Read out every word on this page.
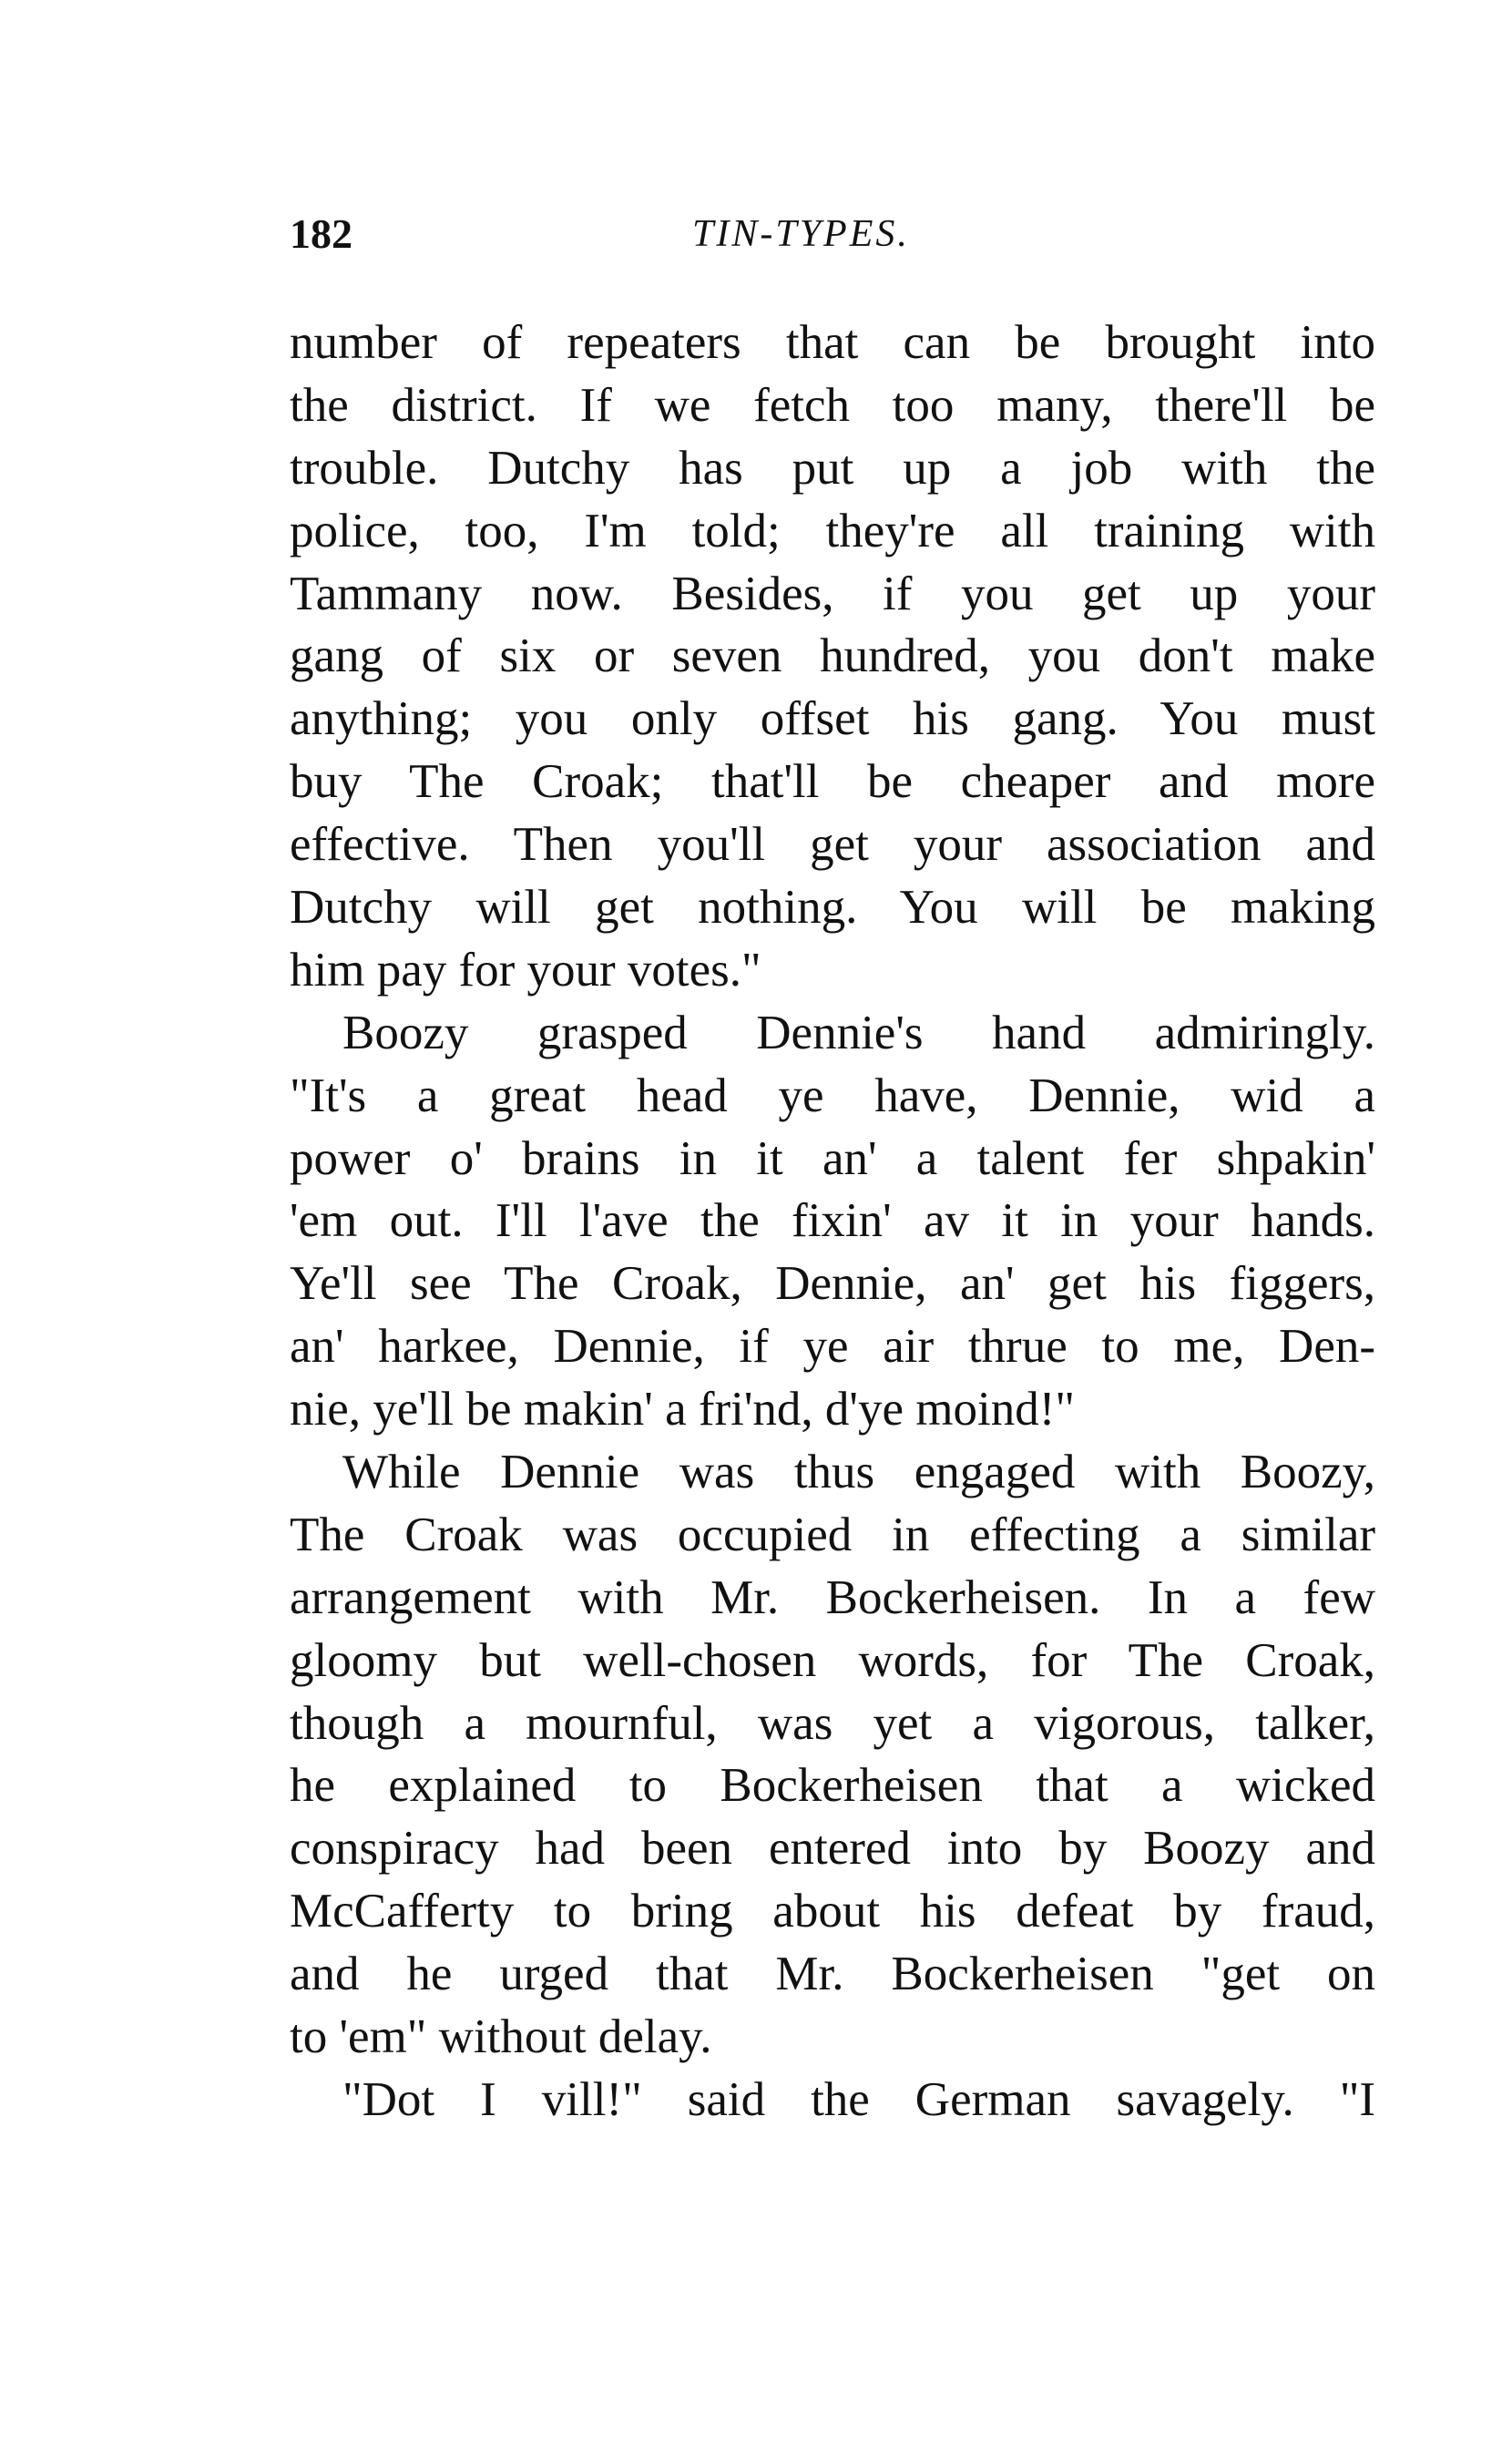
182	TIN-TYPES.
number of repeaters that can be brought into
the district. If we fetch too many, there'll be
trouble. Dutchy has put up a job with the
police, too, I'm told; they're all training with
Tammany now. Besides, if you get up your
gang of six or seven hundred, you don't make
anything; you only offset his gang. You must
buy The Croak; that'll be cheaper and more
effective. Then you'll get your association and
Dutchy will get nothing. You will be making
him pay for your votes."
Boozy grasped Dennie's hand admiringly.
"It's a great head ye have, Dennie, wid a
power o' brains in it an' a talent fer shpakin'
'em out. I'll l'ave the fixin' av it in your hands.
Ye'll see The Croak, Dennie, an' get his figgers,
an' harkee, Dennie, if ye air thrue to me, Den-
nie, ye'll be makin' a fri'nd, d'ye moind!"
While Dennie was thus engaged with Boozy,
The Croak was occupied in effecting a similar
arrangement with Mr. Bockerheisen. In a few
gloomy but well-chosen words, for The Croak,
though a mournful, was yet a vigorous, talker,
he explained to Bockerheisen that a wicked
conspiracy had been entered into by Boozy and
McCafferty to bring about his defeat by fraud,
and he urged that Mr. Bockerheisen "get on
to 'em" without delay.
"Dot I vill!" said the German savagely. "I
